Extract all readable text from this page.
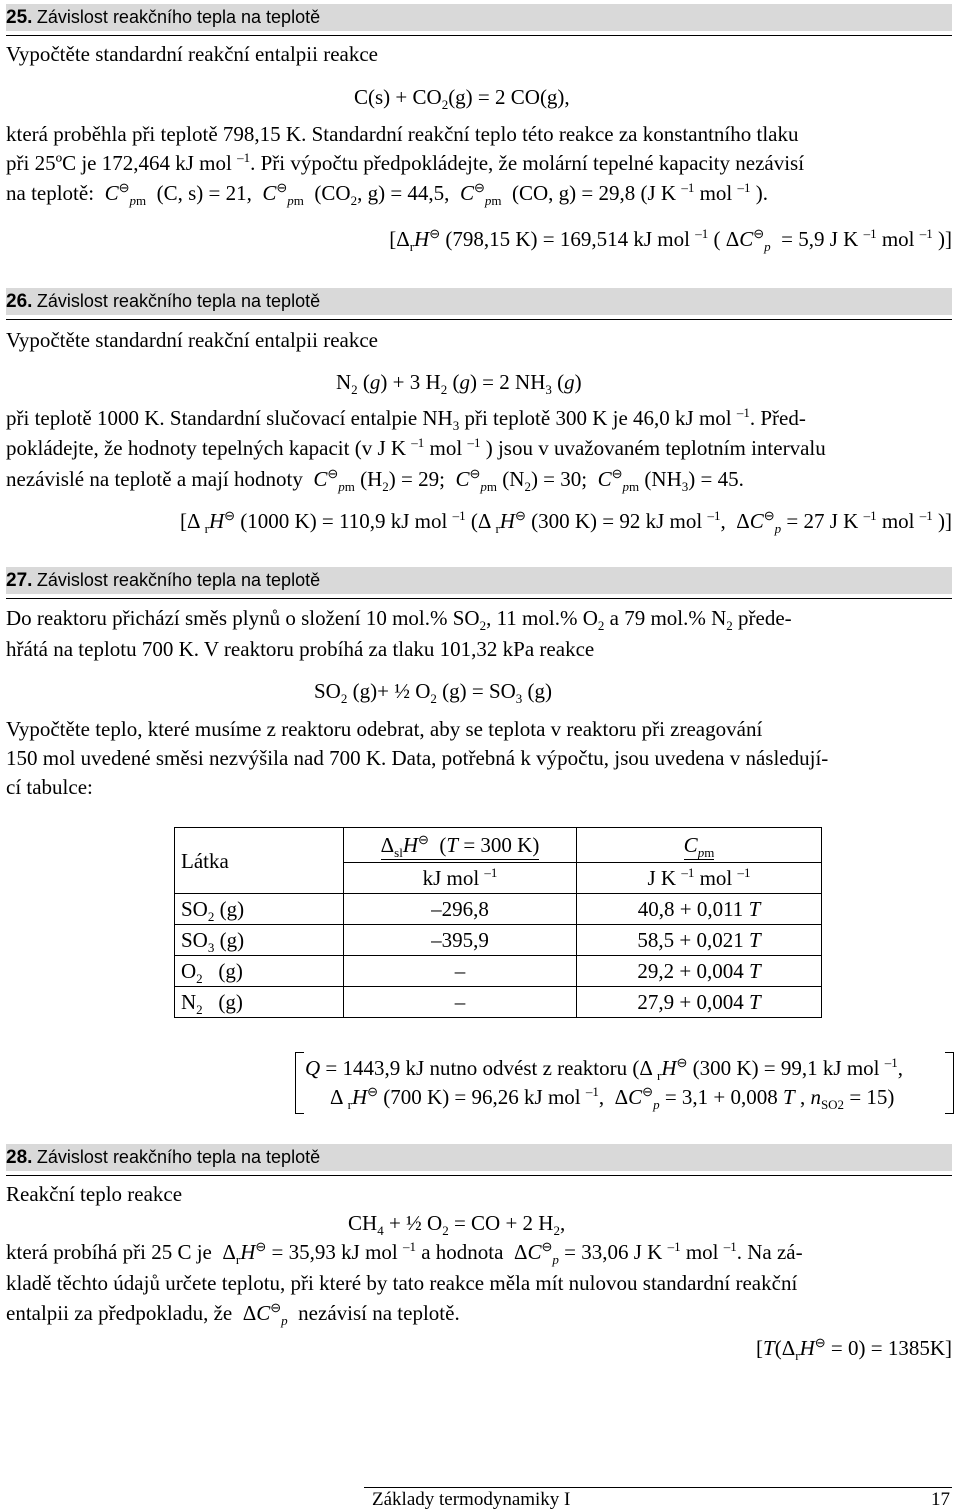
25. Závislost reakčního tepla na teplotě
Vypočtěte standardní reakční entalpii reakce
$C(s) + CO_2(g) = 2$ CO(g),
která proběhla při teplotě 798,15 K. Standardní reakční teplo této reakce za konstantního tlaku
při 25ºC je 172,464 kJ mol $^{-1}$. Při výpočtu předpokládejte, že molární tepelné kapacity nezávisí
na teplotě:  $C^⊖_{pm}$  (C, s) = 21,  $C^⊖_{pm}$  ($CO_2$, g) = 44,5,  $C^⊖_{pm}$  (CO, g) = 29,8 (J K $^{-1}$ mol $^{-1}$ ).
[$\Delta_rH^⊖$ (798,15 K) = 169,514 kJ mol $^{-1}$ ( $\Delta C^⊖_p = 5,9$ J K $^{-1}$ mol $^{-1}$ )]
26. Závislost reakčního tepla na teplotě
Vypočtěte standardní reakční entalpii reakce
$N_2$ (g) + 3 $H_2$ (g) = 2 $NH_3$ (g)
při teplotě 1000 K. Standardní slučovací entalpie $NH_3$ při teplotě 300 K je 46,0 kJ mol $^{-1}$. Před-
pokládejte, že hodnoty tepelných kapacit (v J K $^{-1}$ mol $^{-1}$ ) jsou v uvažovaném teplotním intervalu
nezávislé na teplotě a mají hodnoty  $C^⊖_{pm}$ $(H_2) = 29$;  $C^⊖_{pm}$ $(N_2) = 30$;  $C^⊖_{pm}$ $(NH_3) = 45$.
[Δ $_r$H⊖ (1000 K) = 110,9 kJ mol $^{-1}$ (Δ $_r$H⊖ (300 K) = 92 kJ mol $^{-1}$,  $\Delta C^⊖_p = 27$ J K $^{-1}$ mol $^{-1}$ )]
27. Závislost reakčního tepla na teplotě
Do reaktoru přichází směs plynů o složení 10 mol.% $SO_2$, 11 mol.% $O_2$ a 79 mol.% $N_2$ přede-
hřátá na teplotu 700 K. V reaktoru probíhá za tlaku 101,32 kPa reakce
$SO_2$ (g)+ ½ $O_2$ $(g) = SO_3$ (g)
Vypočtěte teplo, které musíme z reaktoru odebrat, aby se teplota v reaktoru při zreagování
150 mol uvedené směsi nezvýšila nad 700 K. Data, potřebná k výpočtu, jsou uvedena v následují-
cí tabulce:
Látka	$\Delta_{sl}H^⊖$  (T = 300 K)	$C_{pm}$
	kJ mol $^{-1}$	J K $^{-1}$ mol $^{-1}$
$SO_2$ (g)	–296,8	40,8 + 0,011 T
$SO_3$ (g)	–395,9	58,5 + 0,021 T
$O_2$   (g)	–	29,2 + 0,004 T
$N_2$   (g)	–	27,9 + 0,004 T
Q = 1443,9 kJ nutno odvést z reaktoru (Δ $_r$H⊖ (300 K) = 99,1 kJ mol $^{-1}$,
Δ $_r$H⊖ (700 K) = 96,26 kJ mol $^{-1}$,  $\Delta C^⊖_p = 3,1 + 0,008$ T , $n_{SO2} = 15$)
28. Závislost reakčního tepla na teplotě
Reakční teplo reakce
$CH_4$ + ½ $O_2$ = CO + 2 $H_2$,
která probíhá při 25 C je  $\Delta_rH^⊖ = 35,93$ kJ mol $^{-1}$ a hodnota  $\Delta C^⊖_p = 33,06$ J K $^{-1}$ mol $^{-1}$. Na zá-
kladě těchto údajů určete teplotu, při které by tato reakce měla mít nulovou standardní reakční
entalpii za předpokladu, že  $\Delta C^⊖_p$  nezávisí na teplotě.
$[T(\Delta_rH^⊖ = 0) = 1385K]$
Základy termodynamiky I	17
